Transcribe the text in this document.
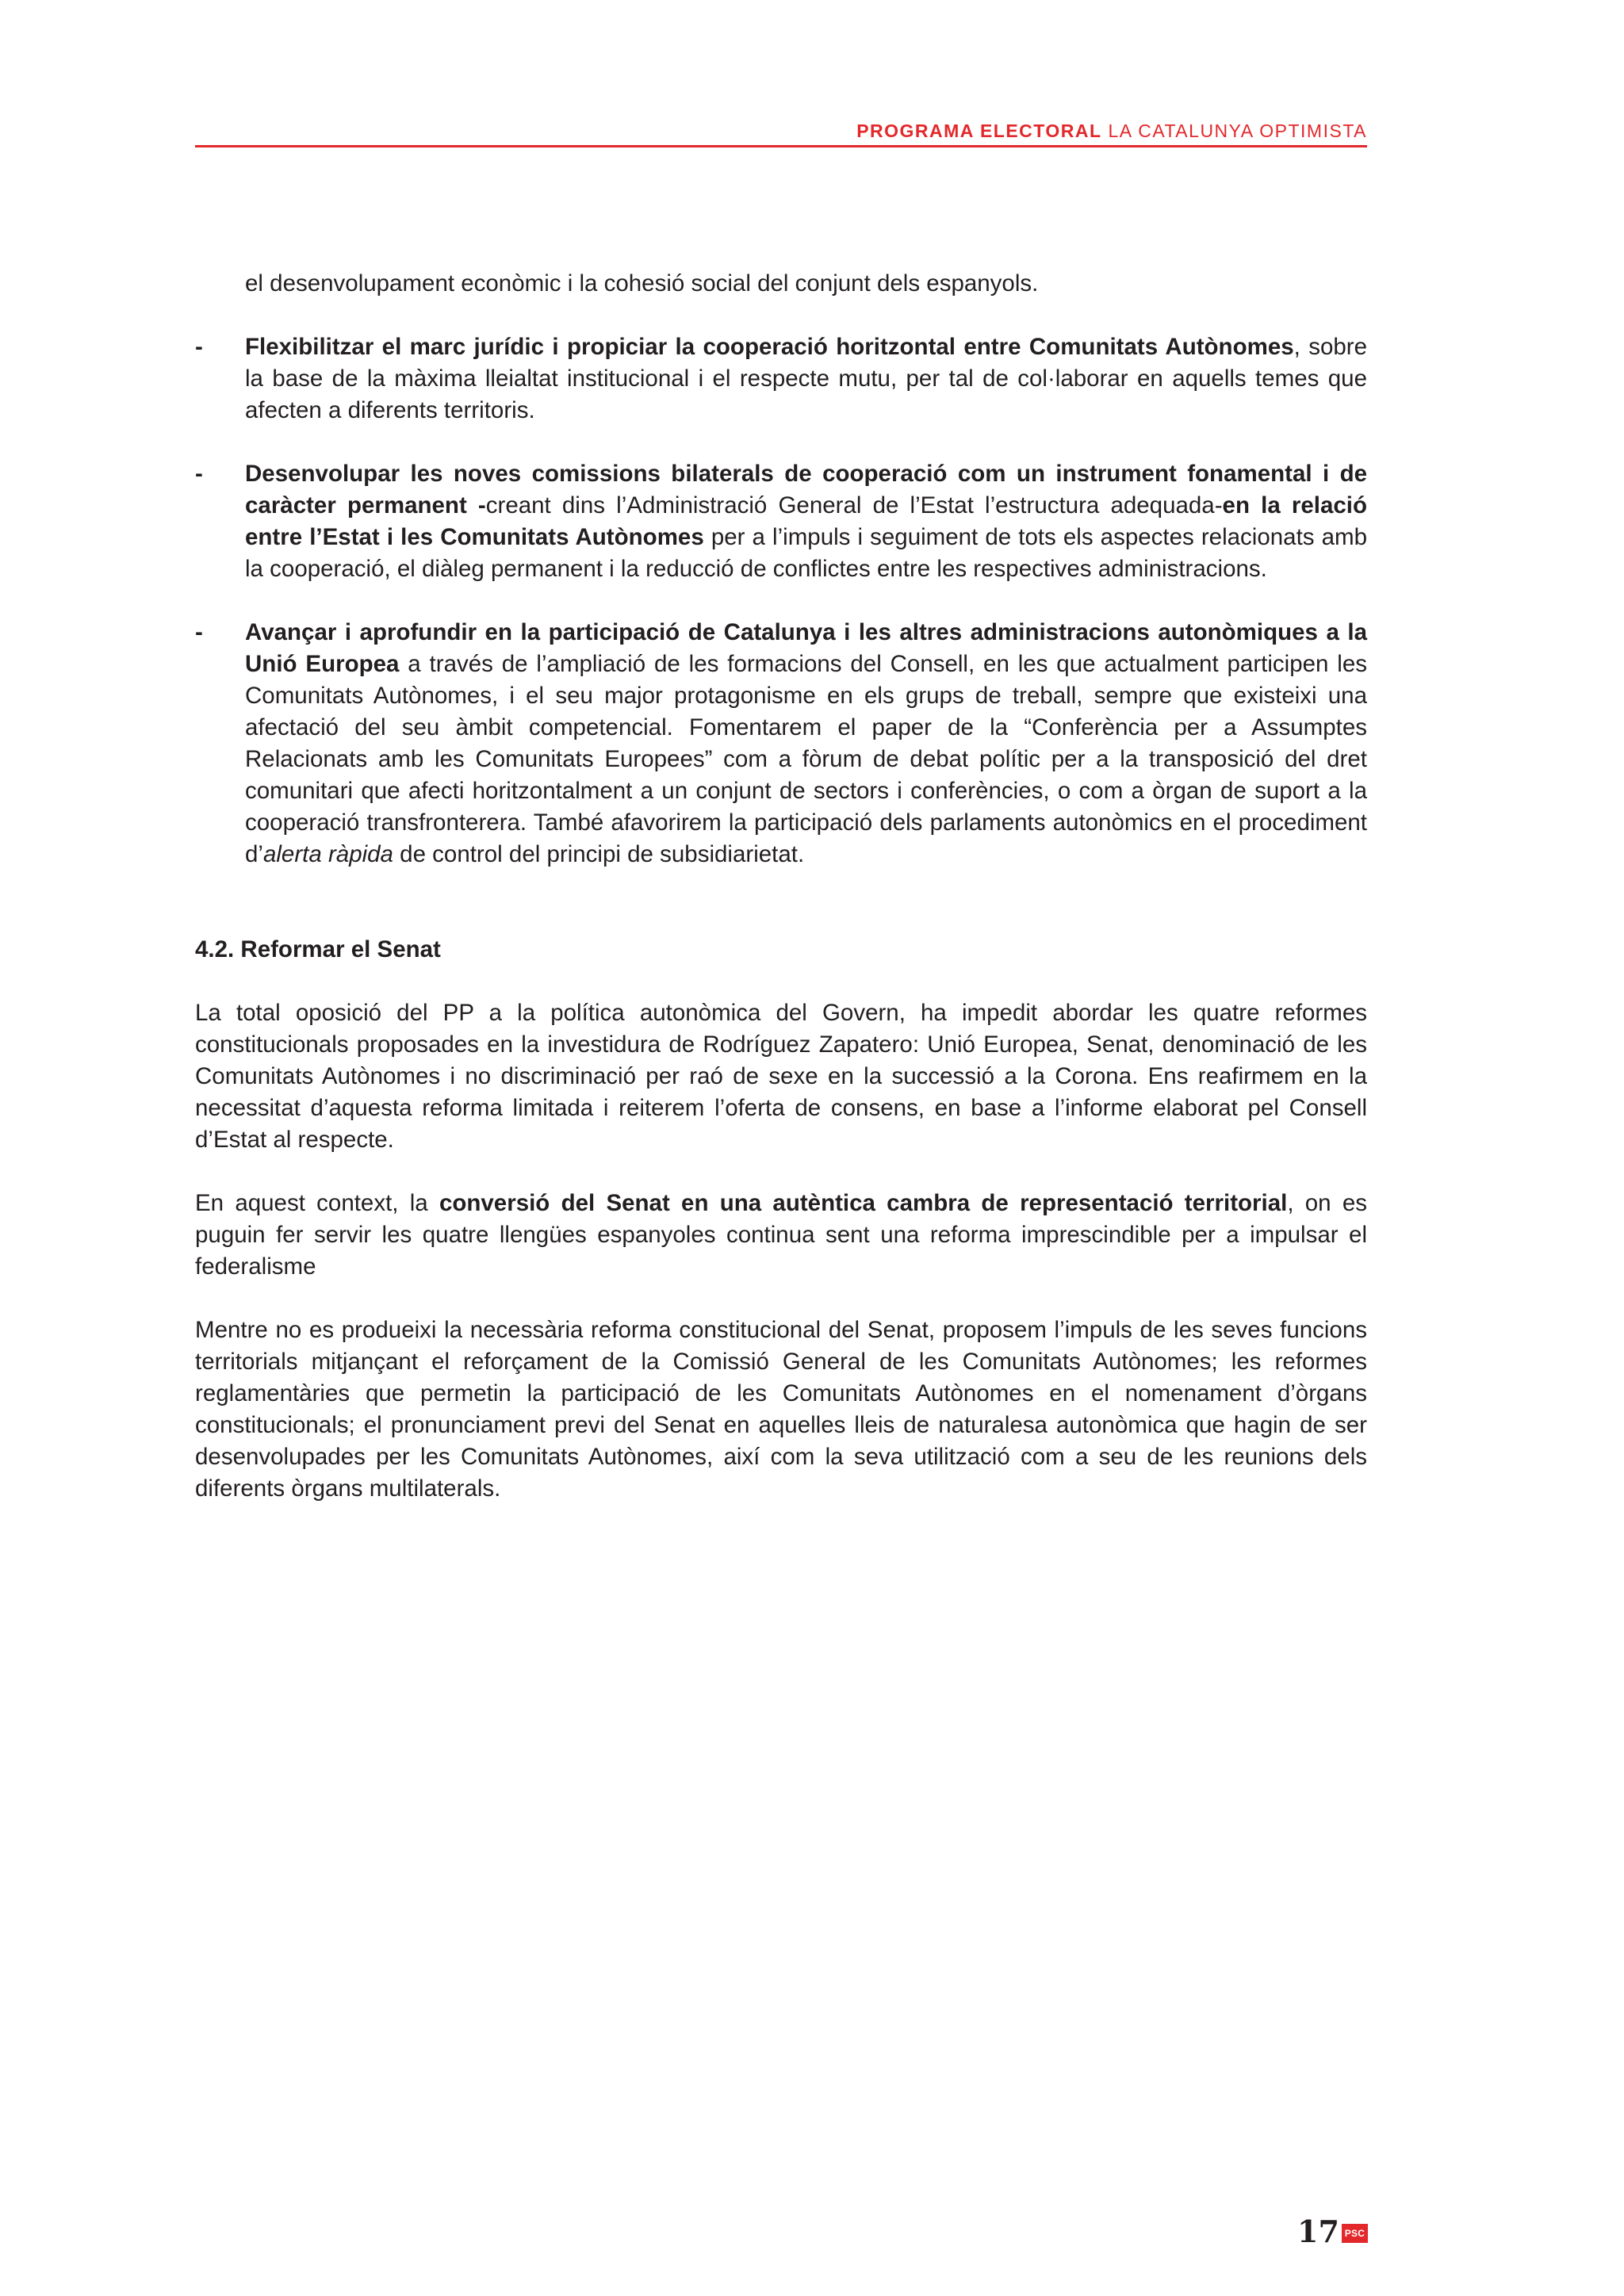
PROGRAMA ELECTORAL LA CATALUNYA OPTIMISTA

el desenvolupament econòmic i la cohesió social del conjunt dels espanyols.

- Flexibilitzar el marc jurídic i propiciar la cooperació horitzontal entre Comunitats Autònomes, sobre la base de la màxima lleialtat institucional i el respecte mutu, per tal de col·laborar en aquells temes que afecten a diferents territoris.

- Desenvolupar les noves comissions bilaterals de cooperació com un instrument fonamental i de caràcter permanent -creant dins l’Administració General de l’Estat l’estructura adequada-en la relació entre l’Estat i les Comunitats Autònomes per a l’impuls i seguiment de tots els aspectes relacionats amb la cooperació, el diàleg permanent i la reducció de conflictes entre les respectives administracions.

- Avançar i aprofundir en la participació de Catalunya i les altres administracions autonòmiques a la Unió Europea a través de l’ampliació de les formacions del Consell, en les que actualment participen les Comunitats Autònomes, i el seu major protagonisme en els grups de treball, sempre que existeixi una afectació del seu àmbit competencial. Fomentarem el paper de la “Conferència per a Assumptes Relacionats amb les Comunitats Europees” com a fòrum de debat polític per a la transposició del dret comunitari que afecti horitzontalment a un conjunt de sectors i conferències, o com a òrgan de suport a la cooperació transfronterera. També afavorirem la participació dels parlaments autonòmics en el procediment d’alerta ràpida de control del principi de subsidiarietat.

4.2. Reformar el Senat

La total oposició del PP a la política autonòmica del Govern, ha impedit abordar les quatre reformes constitucionals proposades en la investidura de Rodríguez Zapatero: Unió Europea, Senat, denominació de les Comunitats Autònomes i no discriminació per raó de sexe en la successió a la Corona. Ens reafirmem en la necessitat d’aquesta reforma limitada i reiterem l’oferta de consens, en base a l’informe elaborat pel Consell d’Estat al respecte.

En aquest context, la conversió del Senat en una autèntica cambra de representació territorial, on es puguin fer servir les quatre llengües espanyoles continua sent una reforma imprescindible per a impulsar el federalisme

Mentre no es produeixi la necessària reforma constitucional del Senat, proposem l’impuls de les seves funcions territorials mitjançant el reforçament de la Comissió General de les Comunitats Autònomes; les reformes reglamentàries que permetin la participació de les Comunitats Autònomes en el nomenament d’òrgans constitucionals; el pronunciament previ del Senat en aquelles lleis de naturalesa autonòmica que hagin de ser desenvolupades per les Comunitats Autònomes, així com la seva utilització com a seu de les reunions dels diferents òrgans multilaterals.

17 PSC
